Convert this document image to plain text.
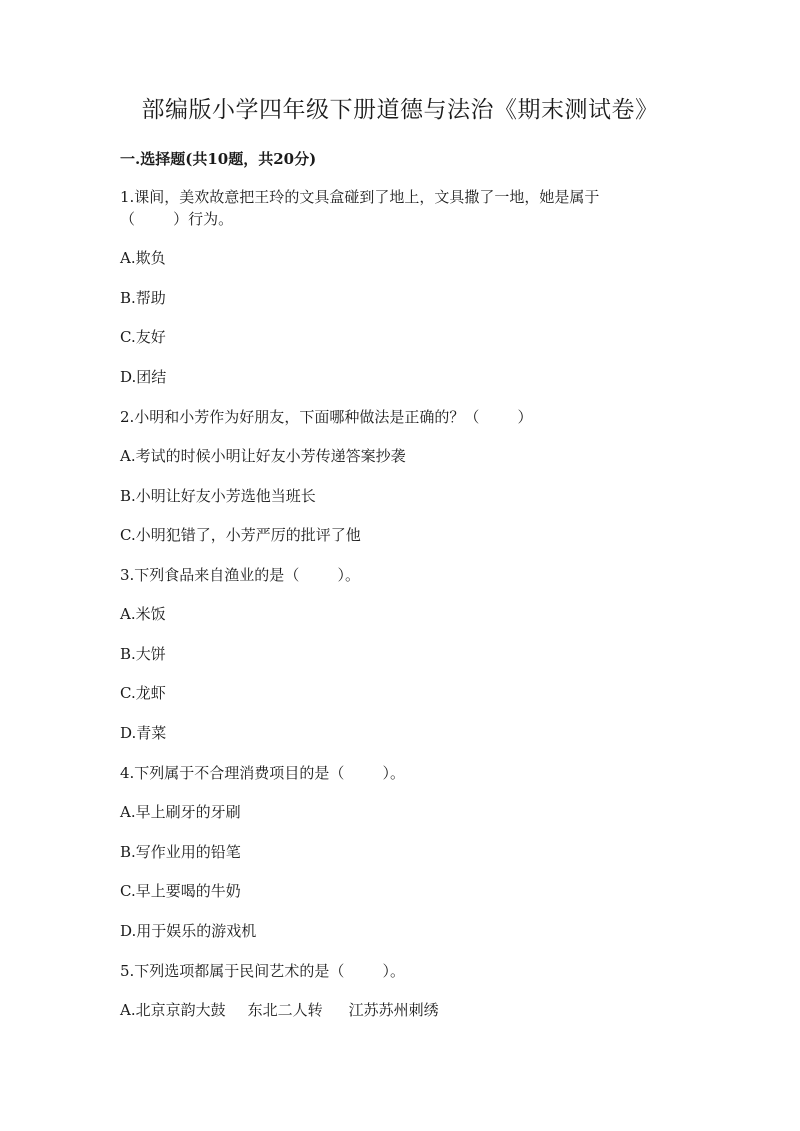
部编版小学四年级下册道德与法治《期末测试卷》
一.选择题(共10题，共20分)

1.课间，美欢故意把王玲的文具盒碰到了地上，文具撒了一地，她是属于

（        ）行为。

A.欺负

B.帮助

C.友好

D.团结

2.小明和小芳作为好朋友，下面哪种做法是正确的？（        ）

A.考试的时候小明让好友小芳传递答案抄袭

B.小明让好友小芳选他当班长

C.小明犯错了，小芳严厉的批评了他

3.下列食品来自渔业的是（        ）。

A.米饭

B.大饼

C.龙虾

D.青菜

4.下列属于不合理消费项目的是（        ）。

A.早上刷牙的牙刷

B.写作业用的铅笔

C.早上要喝的牛奶

D.用于娱乐的游戏机

5.下列选项都属于民间艺术的是（        ）。

A.北京京韵大鼓 东北二人转 江苏苏州刺绣
